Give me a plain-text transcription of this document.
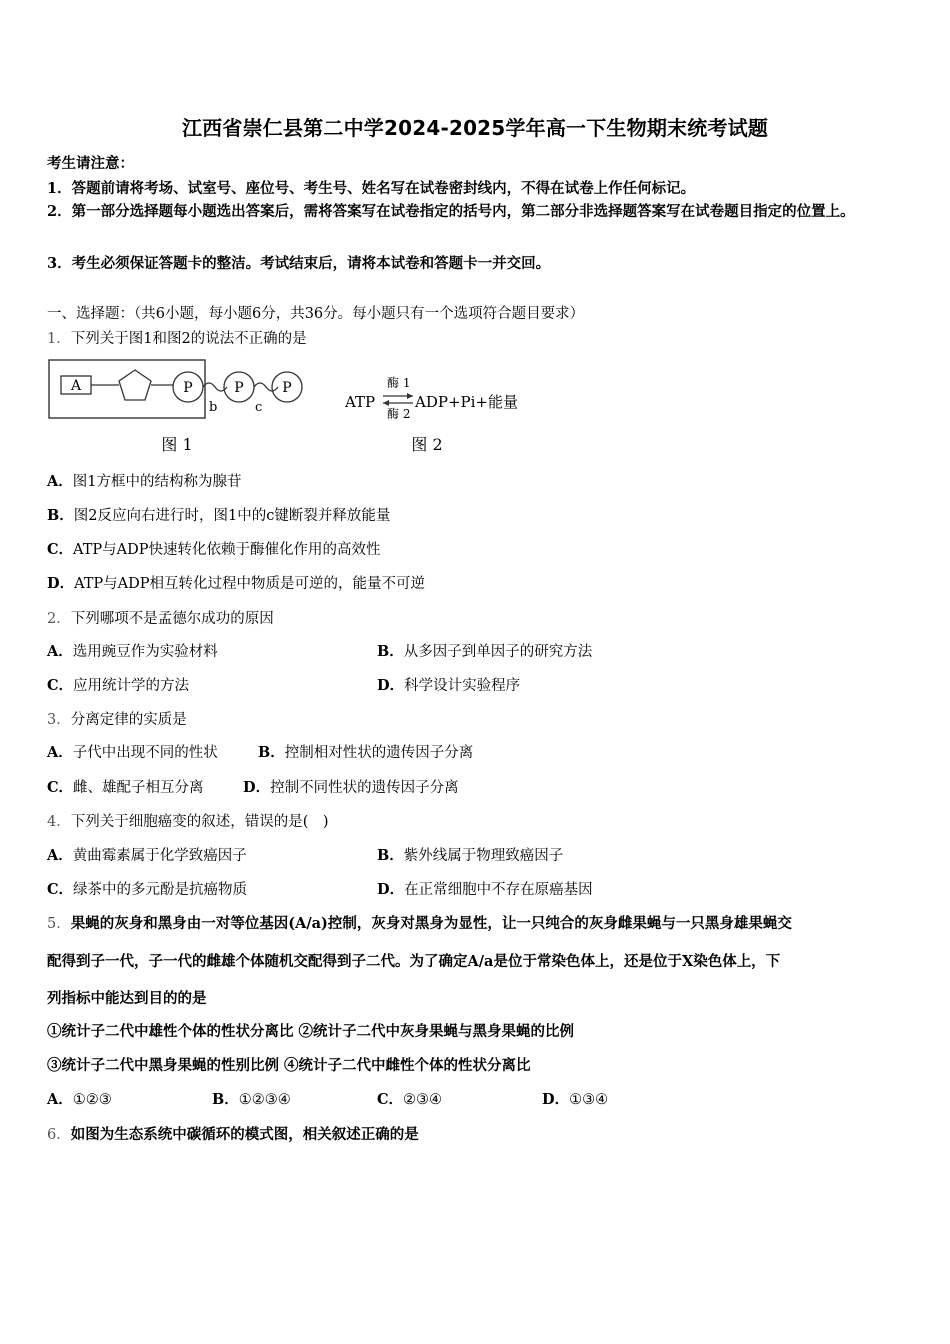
江西省崇仁县第二中学2024-2025学年高一下生物期末统考试题
考生请注意：
1．答题前请将考场、试室号、座位号、考生号、姓名写在试卷密封线内，不得在试卷上作任何标记。
2．第一部分选择题每小题选出答案后，需将答案写在试卷指定的括号内，第二部分非选择题答案写在试卷题目指定的位置上。
3．考生必须保证答题卡的整洁。考试结束后，请将本试卷和答题卡一并交回。
一、选择题：（共6小题，每小题6分，共36分。每小题只有一个选项符合题目要求）
1．下列关于图1和图2的说法不正确的是
A	P
b
P
c
P
图 1
ATP
酶 1
酶 2
ADP+Pi+能量
图 2
A．图1方框中的结构称为腺苷
B．图2反应向右进行时，图1中的c键断裂并释放能量
C．ATP与ADP快速转化依赖于酶催化作用的高效性
D．ATP与ADP相互转化过程中物质是可逆的，能量不可逆
2．下列哪项不是孟德尔成功的原因
A．选用豌豆作为实验材料	B．从多因子到单因子的研究方法
C．应用统计学的方法	D．科学设计实验程序
3．分离定律的实质是
A．子代中出现不同的性状	B．控制相对性状的遗传因子分离
C．雌、雄配子相互分离	D．控制不同性状的遗传因子分离
4．下列关于细胞癌变的叙述，错误的是(　)
A．黄曲霉素属于化学致癌因子	B．紫外线属于物理致癌因子
C．绿茶中的多元酚是抗癌物质	D．在正常细胞中不存在原癌基因
5．果蝇的灰身和黑身由一对等位基因(A/a)控制，灰身对黑身为显性，让一只纯合的灰身雌果蝇与一只黑身雄果蝇交
配得到子一代，子一代的雌雄个体随机交配得到子二代。为了确定A/a是位于常染色体上，还是位于X染色体上，下
列指标中能达到目的的是
①统计子二代中雄性个体的性状分离比 ②统计子二代中灰身果蝇与黑身果蝇的比例
③统计子二代中黑身果蝇的性别比例 ④统计子二代中雌性个体的性状分离比
A．①②③	B．①②③④	C．②③④	D．①③④
6．如图为生态系统中碳循环的模式图，相关叙述正确的是
